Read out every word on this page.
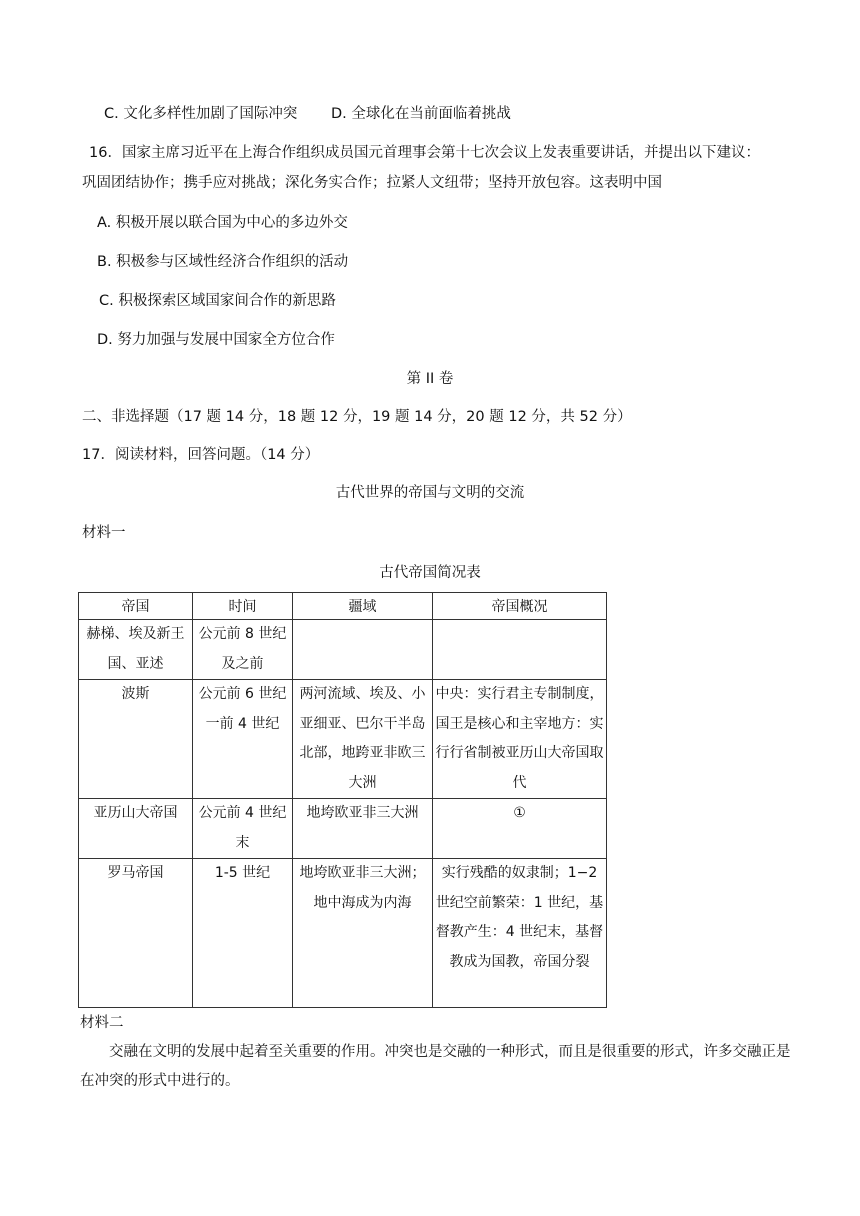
C. 文化多样性加剧了国际冲突 D. 全球化在当前面临着挑战
16．国家主席习近平在上海合作组织成员国元首理事会第十七次会议上发表重要讲话，并提出以下建议：
巩固团结协作；携手应对挑战；深化务实合作；拉紧人文纽带；坚持开放包容。这表明中国
A. 积极开展以联合国为中心的多边外交
B. 积极参与区域性经济合作组织的活动
C. 积极探索区域国家间合作的新思路
D. 努力加强与发展中国家全方位合作
第 II 卷
二、非选择题（17 题 14 分，18 题 12 分，19 题 14 分，20 题 12 分，共 52 分）
17．阅读材料，回答问题。（14 分）
古代世界的帝国与文明的交流
材料一
古代帝国简况表
帝国	时间	疆域	帝国概况
赫梯、埃及新王国、亚述	公元前 8 世纪及之前		
波斯	公元前 6 世纪一前 4 世纪	两河流域、埃及、小亚细亚、巴尔干半岛北部，地跨亚非欧三大洲	中央：实行君主专制制度，国王是核心和主宰地方：实行行省制被亚历山大帝国取代
亚历山大帝国	公元前 4 世纪末	地垮欧亚非三大洲	①
罗马帝国	1-5 世纪	地垮欧亚非三大洲；地中海成为内海	实行残酷的奴隶制；1−2 世纪空前繁荣：1 世纪，基督教产生：4 世纪末，基督教成为国教，帝国分裂
材料二
交融在文明的发展中起着至关重要的作用。冲突也是交融的一种形式，而且是很重要的形式，许多交融正是在冲突的形式中进行的。
